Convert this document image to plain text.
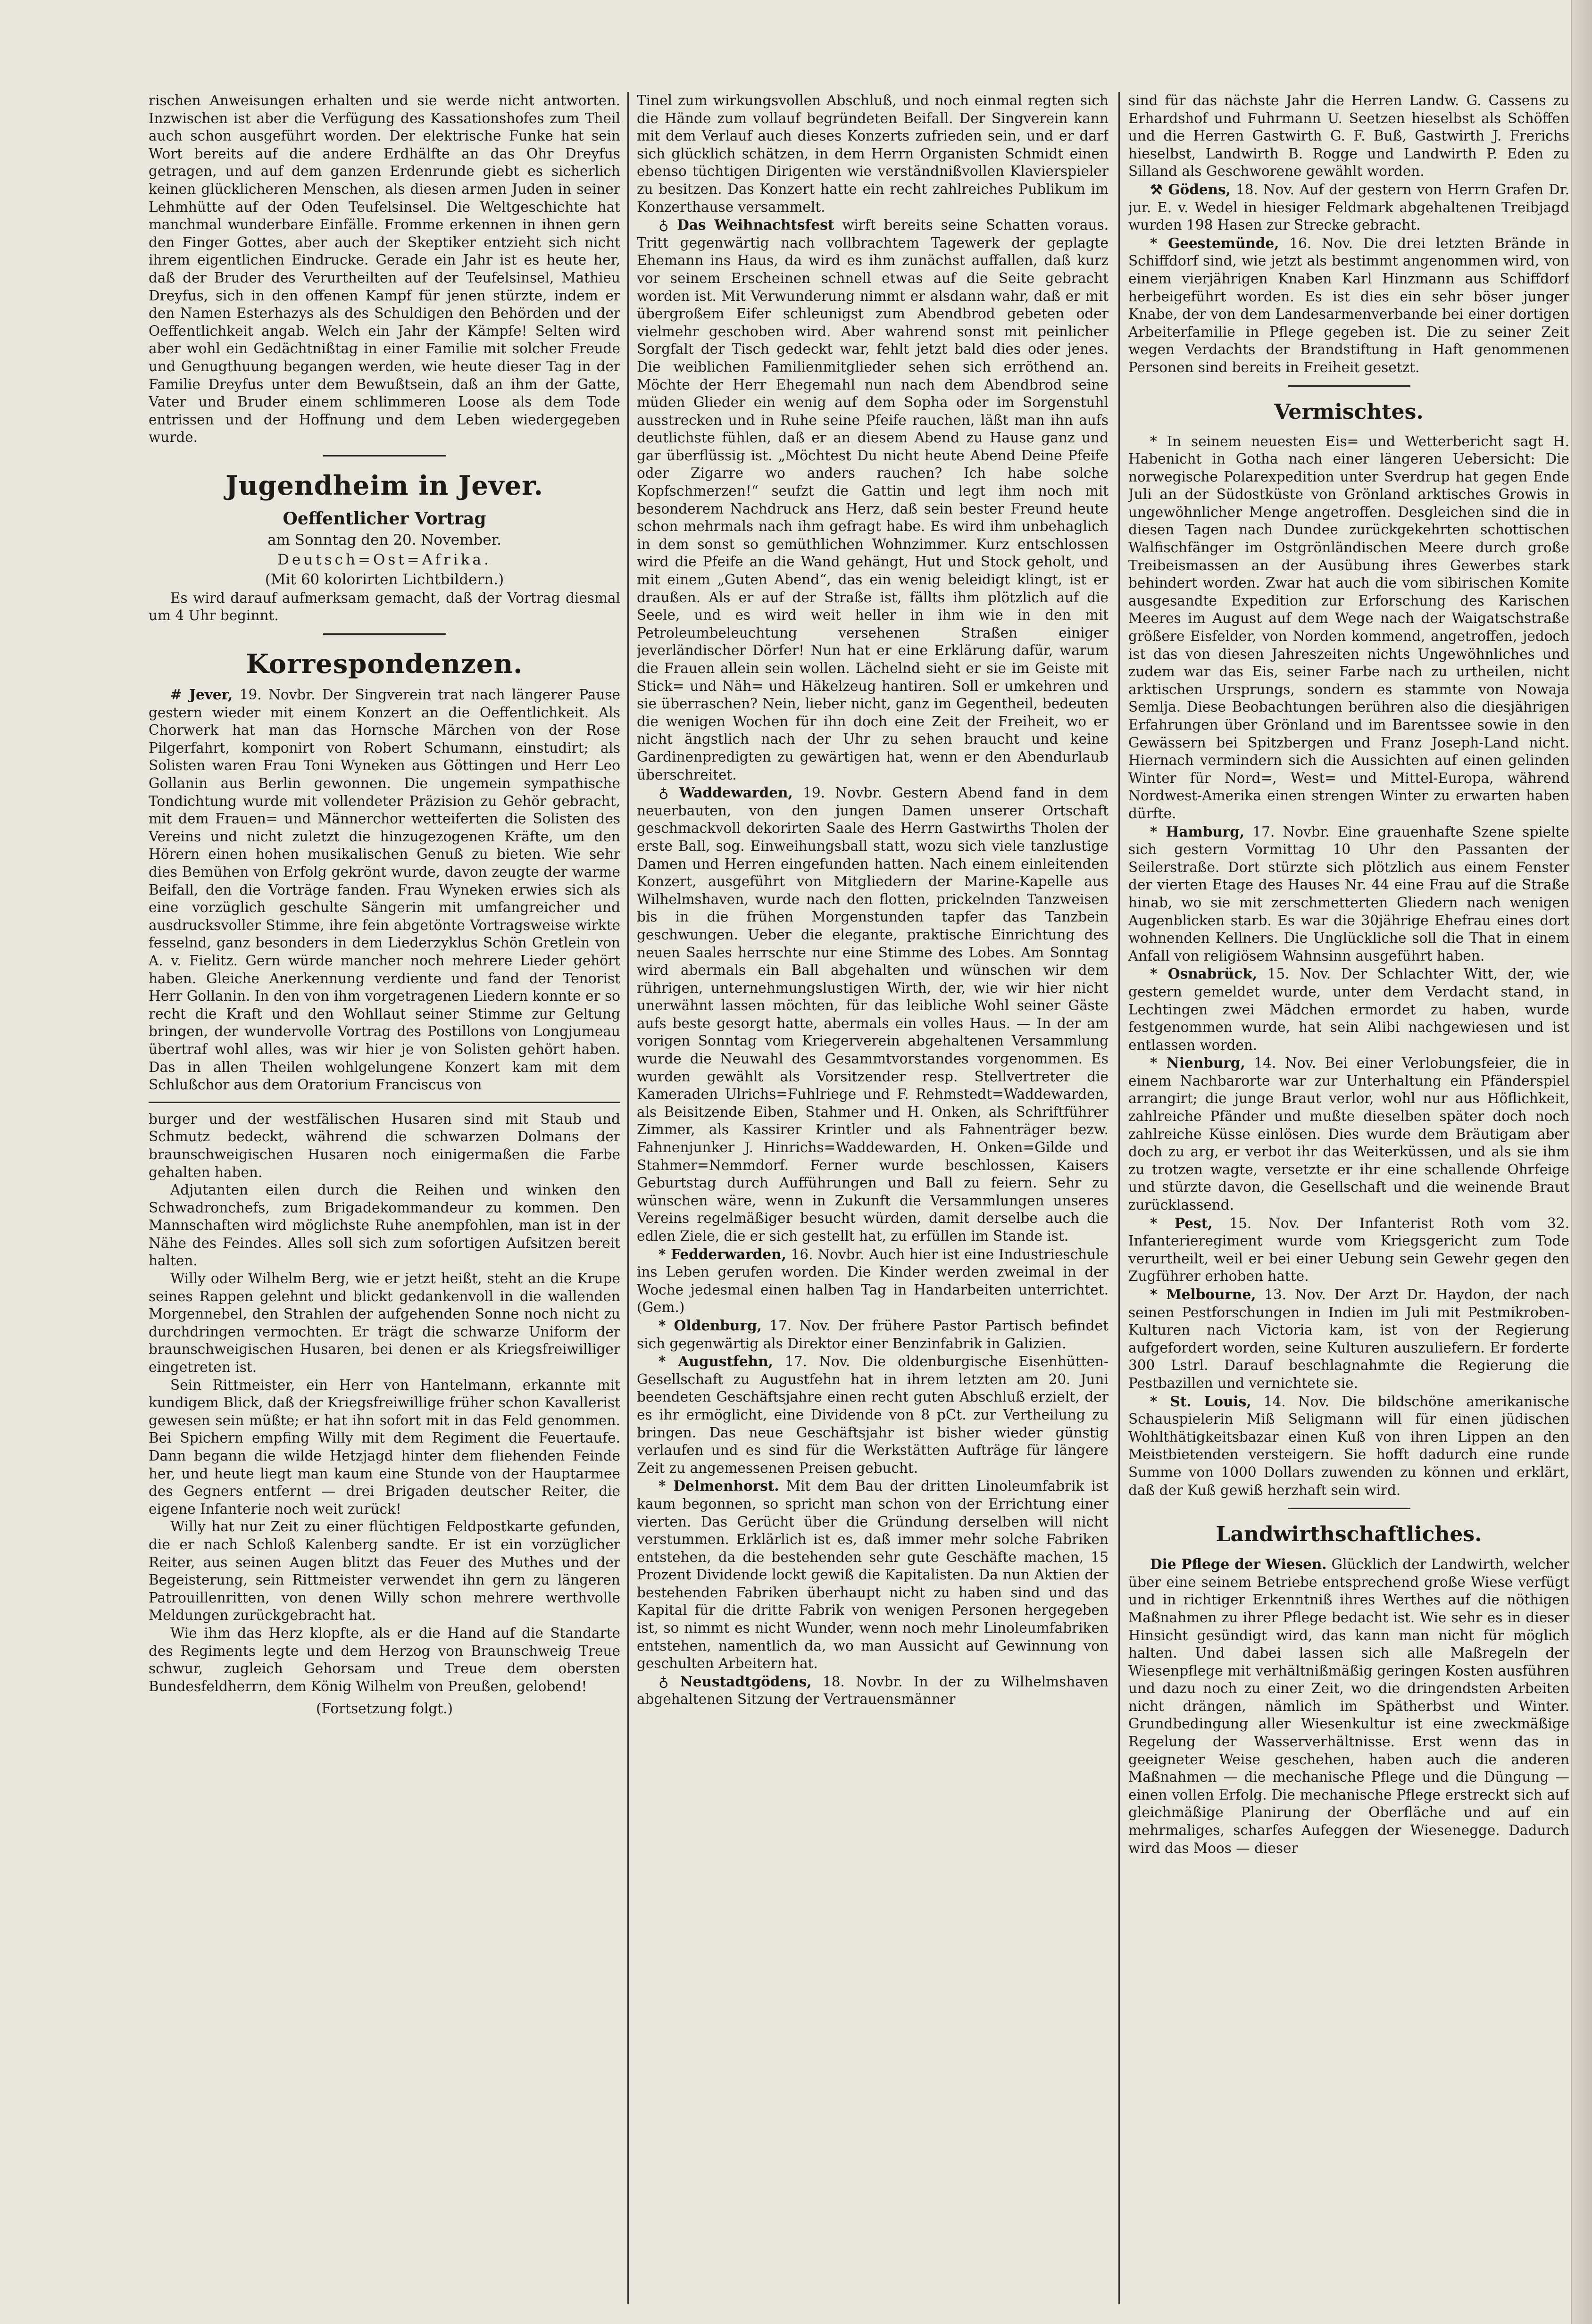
rischen Anweisungen erhalten und sie werde nicht antworten. Inzwischen ist aber die Verfügung des Kassationshofes zum Theil auch schon ausgeführt worden. Der elektrische Funke hat sein Wort bereits auf die andere Erdhälfte an das Ohr Dreyfus getragen, und auf dem ganzen Erdenrunde giebt es sicherlich keinen glücklicheren Menschen, als diesen armen Juden in seiner Lehmhütte auf der Oden Teufelsinsel. Die Weltgeschichte hat manchmal wunderbare Einfälle. Fromme erkennen in ihnen gern den Finger Gottes, aber auch der Skeptiker entzieht sich nicht ihrem eigentlichen Eindrucke. Gerade ein Jahr ist es heute her, daß der Bruder des Verurtheilten auf der Teufelsinsel, Mathieu Dreyfus, sich in den offenen Kampf für jenen stürzte, indem er den Namen Esterhazys als des Schuldigen den Behörden und der Oeffentlichkeit angab. Welch ein Jahr der Kämpfe! Selten wird aber wohl ein Gedächtnißtag in einer Familie mit solcher Freude und Genugthuung begangen werden, wie heute dieser Tag in der Familie Dreyfus unter dem Bewußtsein, daß an ihm der Gatte, Vater und Bruder einem schlimmeren Loose als dem Tode entrissen und der Hoffnung und dem Leben wiedergegeben wurde.

Jugendheim in Jever.
Oeffentlicher Vortrag

am Sonntag den 20. November.

Deutsch=Ost=Afrika.

(Mit 60 kolorirten Lichtbildern.)

Es wird darauf aufmerksam gemacht, daß der Vortrag diesmal um 4 Uhr beginnt.

Korrespondenzen.

# Jever, 19. Novbr. Der Singverein trat nach längerer Pause gestern wieder mit einem Konzert an die Oeffentlichkeit. Als Chorwerk hat man das Hornsche Märchen von der Rose Pilgerfahrt, komponirt von Robert Schumann, einstudirt; als Solisten waren Frau Toni Wyneken aus Göttingen und Herr Leo Gollanin aus Berlin gewonnen. Die ungemein sympathische Tondichtung wurde mit vollendeter Präzision zu Gehör gebracht, mit dem Frauen= und Männerchor wetteiferten die Solisten des Vereins und nicht zuletzt die hinzugezogenen Kräfte, um den Hörern einen hohen musikalischen Genuß zu bieten. Wie sehr dies Bemühen von Erfolg gekrönt wurde, davon zeugte der warme Beifall, den die Vorträge fanden. Frau Wyneken erwies sich als eine vorzüglich geschulte Sängerin mit umfangreicher und ausdrucksvoller Stimme, ihre fein abgetönte Vortragsweise wirkte fesselnd, ganz besonders in dem Liederzyklus Schön Gretlein von A. v. Fielitz. Gern würde mancher noch mehrere Lieder gehört haben. Gleiche Anerkennung verdiente und fand der Tenorist Herr Gollanin. In den von ihm vorgetragenen Liedern konnte er so recht die Kraft und den Wohllaut seiner Stimme zur Geltung bringen, der wundervolle Vortrag des Postillons von Longjumeau übertraf wohl alles, was wir hier je von Solisten gehört haben. Das in allen Theilen wohlgelungene Konzert kam mit dem Schlußchor aus dem Oratorium Franciscus von

burger und der westfälischen Husaren sind mit Staub und Schmutz bedeckt, während die schwarzen Dolmans der braunschweigischen Husaren noch einigermaßen die Farbe gehalten haben.

Adjutanten eilen durch die Reihen und winken den Schwadronchefs, zum Brigadekommandeur zu kommen. Den Mannschaften wird möglichste Ruhe anempfohlen, man ist in der Nähe des Feindes. Alles soll sich zum sofortigen Aufsitzen bereit halten.

Willy oder Wilhelm Berg, wie er jetzt heißt, steht an die Krupe seines Rappen gelehnt und blickt gedankenvoll in die wallenden Morgennebel, den Strahlen der aufgehenden Sonne noch nicht zu durchdringen vermochten. Er trägt die schwarze Uniform der braunschweigischen Husaren, bei denen er als Kriegsfreiwilliger eingetreten ist.

Sein Rittmeister, ein Herr von Hantelmann, erkannte mit kundigem Blick, daß der Kriegsfreiwillige früher schon Kavallerist gewesen sein müßte; er hat ihn sofort mit in das Feld genommen. Bei Spichern empfing Willy mit dem Regiment die Feuertaufe. Dann begann die wilde Hetzjagd hinter dem fliehenden Feinde her, und heute liegt man kaum eine Stunde von der Hauptarmee des Gegners entfernt — drei Brigaden deutscher Reiter, die eigene Infanterie noch weit zurück!

Willy hat nur Zeit zu einer flüchtigen Feldpostkarte gefunden, die er nach Schloß Kalenberg sandte. Er ist ein vorzüglicher Reiter, aus seinen Augen blitzt das Feuer des Muthes und der Begeisterung, sein Rittmeister verwendet ihn gern zu längeren Patrouillenritten, von denen Willy schon mehrere werthvolle Meldungen zurückgebracht hat.

Wie ihm das Herz klopfte, als er die Hand auf die Standarte des Regiments legte und dem Herzog von Braunschweig Treue schwur, zugleich Gehorsam und Treue dem obersten Bundesfeldherrn, dem König Wilhelm von Preußen, gelobend!

(Fortsetzung folgt.)

Tinel zum wirkungsvollen Abschluß, und noch einmal regten sich die Hände zum vollauf begründeten Beifall. Der Singverein kann mit dem Verlauf auch dieses Konzerts zufrieden sein, und er darf sich glücklich schätzen, in dem Herrn Organisten Schmidt einen ebenso tüchtigen Dirigenten wie verständnißvollen Klavierspieler zu besitzen. Das Konzert hatte ein recht zahlreiches Publikum im Konzerthause versammelt.

♁ Das Weihnachtsfest wirft bereits seine Schatten voraus. Tritt gegenwärtig nach vollbrachtem Tagewerk der geplagte Ehemann ins Haus, da wird es ihm zunächst auffallen, daß kurz vor seinem Erscheinen schnell etwas auf die Seite gebracht worden ist. Mit Verwunderung nimmt er alsdann wahr, daß er mit übergroßem Eifer schleunigst zum Abendbrod gebeten oder vielmehr geschoben wird. Aber wahrend sonst mit peinlicher Sorgfalt der Tisch gedeckt war, fehlt jetzt bald dies oder jenes. Die weiblichen Familienmitglieder sehen sich erröthend an. Möchte der Herr Ehegemahl nun nach dem Abendbrod seine müden Glieder ein wenig auf dem Sopha oder im Sorgenstuhl ausstrecken und in Ruhe seine Pfeife rauchen, läßt man ihn aufs deutlichste fühlen, daß er an diesem Abend zu Hause ganz und gar überflüssig ist. „Möchtest Du nicht heute Abend Deine Pfeife oder Zigarre wo anders rauchen? Ich habe solche Kopfschmerzen!“ seufzt die Gattin und legt ihm noch mit besonderem Nachdruck ans Herz, daß sein bester Freund heute schon mehrmals nach ihm gefragt habe. Es wird ihm unbehaglich in dem sonst so gemüthlichen Wohnzimmer. Kurz entschlossen wird die Pfeife an die Wand gehängt, Hut und Stock geholt, und mit einem „Guten Abend“, das ein wenig beleidigt klingt, ist er draußen. Als er auf der Straße ist, fällts ihm plötzlich auf die Seele, und es wird weit heller in ihm wie in den mit Petroleumbeleuchtung versehenen Straßen einiger jeverländischer Dörfer! Nun hat er eine Erklärung dafür, warum die Frauen allein sein wollen. Lächelnd sieht er sie im Geiste mit Stick= und Näh= und Häkelzeug hantiren. Soll er umkehren und sie überraschen? Nein, lieber nicht, ganz im Gegentheil, bedeuten die wenigen Wochen für ihn doch eine Zeit der Freiheit, wo er nicht ängstlich nach der Uhr zu sehen braucht und keine Gardinenpredigten zu gewärtigen hat, wenn er den Abendurlaub überschreitet.

♁ Waddewarden, 19. Novbr. Gestern Abend fand in dem neuerbauten, von den jungen Damen unserer Ortschaft geschmackvoll dekorirten Saale des Herrn Gastwirths Tholen der erste Ball, sog. Einweihungsball statt, wozu sich viele tanzlustige Damen und Herren eingefunden hatten. Nach einem einleitenden Konzert, ausgeführt von Mitgliedern der Marine-Kapelle aus Wilhelmshaven, wurde nach den flotten, prickelnden Tanzweisen bis in die frühen Morgenstunden tapfer das Tanzbein geschwungen. Ueber die elegante, praktische Einrichtung des neuen Saales herrschte nur eine Stimme des Lobes. Am Sonntag wird abermals ein Ball abgehalten und wünschen wir dem rührigen, unternehmungslustigen Wirth, der, wie wir hier nicht unerwähnt lassen möchten, für das leibliche Wohl seiner Gäste aufs beste gesorgt hatte, abermals ein volles Haus. — In der am vorigen Sonntag vom Kriegerverein abgehaltenen Versammlung wurde die Neuwahl des Gesammtvorstandes vorgenommen. Es wurden gewählt als Vorsitzender resp. Stellvertreter die Kameraden Ulrichs=Fuhlriege und F. Rehmstedt=Waddewarden, als Beisitzende Eiben, Stahmer und H. Onken, als Schriftführer Zimmer, als Kassirer Krintler und als Fahnenträger bezw. Fahnenjunker J. Hinrichs=Waddewarden, H. Onken=Gilde und Stahmer=Nemmdorf. Ferner wurde beschlossen, Kaisers Geburtstag durch Aufführungen und Ball zu feiern. Sehr zu wünschen wäre, wenn in Zukunft die Versammlungen unseres Vereins regelmäßiger besucht würden, damit derselbe auch die edlen Ziele, die er sich gestellt hat, zu erfüllen im Stande ist.

* Fedderwarden, 16. Novbr. Auch hier ist eine Industrieschule ins Leben gerufen worden. Die Kinder werden zweimal in der Woche jedesmal einen halben Tag in Handarbeiten unterrichtet. (Gem.)

* Oldenburg, 17. Nov. Der frühere Pastor Partisch befindet sich gegenwärtig als Direktor einer Benzinfabrik in Galizien.

* Augustfehn, 17. Nov. Die oldenburgische Eisenhütten-Gesellschaft zu Augustfehn hat in ihrem letzten am 20. Juni beendeten Geschäftsjahre einen recht guten Abschluß erzielt, der es ihr ermöglicht, eine Dividende von 8 pCt. zur Vertheilung zu bringen. Das neue Geschäftsjahr ist bisher wieder günstig verlaufen und es sind für die Werkstätten Aufträge für längere Zeit zu angemessenen Preisen gebucht.

* Delmenhorst. Mit dem Bau der dritten Linoleumfabrik ist kaum begonnen, so spricht man schon von der Errichtung einer vierten. Das Gerücht über die Gründung derselben will nicht verstummen. Erklärlich ist es, daß immer mehr solche Fabriken entstehen, da die bestehenden sehr gute Geschäfte machen, 15 Prozent Dividende lockt gewiß die Kapitalisten. Da nun Aktien der bestehenden Fabriken überhaupt nicht zu haben sind und das Kapital für die dritte Fabrik von wenigen Personen hergegeben ist, so nimmt es nicht Wunder, wenn noch mehr Linoleumfabriken entstehen, namentlich da, wo man Aussicht auf Gewinnung von geschulten Arbeitern hat.

♁ Neustadtgödens, 18. Novbr. In der zu Wilhelmshaven abgehaltenen Sitzung der Vertrauensmänner

sind für das nächste Jahr die Herren Landw. G. Cassens zu Erhardshof und Fuhrmann U. Seetzen hieselbst als Schöffen und die Herren Gastwirth G. F. Buß, Gastwirth J. Frerichs hieselbst, Landwirth B. Rogge und Landwirth P. Eden zu Silland als Geschworene gewählt worden.

⚒ Gödens, 18. Nov. Auf der gestern von Herrn Grafen Dr. jur. E. v. Wedel in hiesiger Feldmark abgehaltenen Treibjagd wurden 198 Hasen zur Strecke gebracht.

* Geestemünde, 16. Nov. Die drei letzten Brände in Schiffdorf sind, wie jetzt als bestimmt angenommen wird, von einem vierjährigen Knaben Karl Hinzmann aus Schiffdorf herbeigeführt worden. Es ist dies ein sehr böser junger Knabe, der von dem Landesarmenverbande bei einer dortigen Arbeiterfamilie in Pflege gegeben ist. Die zu seiner Zeit wegen Verdachts der Brandstiftung in Haft genommenen Personen sind bereits in Freiheit gesetzt.

Vermischtes.

* In seinem neuesten Eis= und Wetterbericht sagt H. Habenicht in Gotha nach einer längeren Uebersicht: Die norwegische Polarexpedition unter Sverdrup hat gegen Ende Juli an der Südostküste von Grönland arktisches Growis in ungewöhnlicher Menge angetroffen. Desgleichen sind die in diesen Tagen nach Dundee zurückgekehrten schottischen Walfischfänger im Ostgrönländischen Meere durch große Treibeismassen an der Ausübung ihres Gewerbes stark behindert worden. Zwar hat auch die vom sibirischen Komite ausgesandte Expedition zur Erforschung des Karischen Meeres im August auf dem Wege nach der Waigatschstraße größere Eisfelder, von Norden kommend, angetroffen, jedoch ist das von diesen Jahreszeiten nichts Ungewöhnliches und zudem war das Eis, seiner Farbe nach zu urtheilen, nicht arktischen Ursprungs, sondern es stammte von Nowaja Semlja. Diese Beobachtungen berühren also die diesjährigen Erfahrungen über Grönland und im Barentssee sowie in den Gewässern bei Spitzbergen und Franz Joseph-Land nicht. Hiernach vermindern sich die Aussichten auf einen gelinden Winter für Nord=, West= und Mittel-Europa, während Nordwest-Amerika einen strengen Winter zu erwarten haben dürfte.

* Hamburg, 17. Novbr. Eine grauenhafte Szene spielte sich gestern Vormittag 10 Uhr den Passanten der Seilerstraße. Dort stürzte sich plötzlich aus einem Fenster der vierten Etage des Hauses Nr. 44 eine Frau auf die Straße hinab, wo sie mit zerschmetterten Gliedern nach wenigen Augenblicken starb. Es war die 30jährige Ehefrau eines dort wohnenden Kellners. Die Unglückliche soll die That in einem Anfall von religiösem Wahnsinn ausgeführt haben.

* Osnabrück, 15. Nov. Der Schlachter Witt, der, wie gestern gemeldet wurde, unter dem Verdacht stand, in Lechtingen zwei Mädchen ermordet zu haben, wurde festgenommen wurde, hat sein Alibi nachgewiesen und ist entlassen worden.

* Nienburg, 14. Nov. Bei einer Verlobungsfeier, die in einem Nachbarorte war zur Unterhaltung ein Pfänderspiel arrangirt; die junge Braut verlor, wohl nur aus Höflichkeit, zahlreiche Pfänder und mußte dieselben später doch noch zahlreiche Küsse einlösen. Dies wurde dem Bräutigam aber doch zu arg, er verbot ihr das Weiterküssen, und als sie ihm zu trotzen wagte, versetzte er ihr eine schallende Ohrfeige und stürzte davon, die Gesellschaft und die weinende Braut zurücklassend.

* Pest, 15. Nov. Der Infanterist Roth vom 32. Infanterieregiment wurde vom Kriegsgericht zum Tode verurtheilt, weil er bei einer Uebung sein Gewehr gegen den Zugführer erhoben hatte.

* Melbourne, 13. Nov. Der Arzt Dr. Haydon, der nach seinen Pestforschungen in Indien im Juli mit Pestmikroben-Kulturen nach Victoria kam, ist von der Regierung aufgefordert worden, seine Kulturen auszuliefern. Er forderte 300 Lstrl. Darauf beschlagnahmte die Regierung die Pestbazillen und vernichtete sie.

* St. Louis, 14. Nov. Die bildschöne amerikanische Schauspielerin Miß Seligmann will für einen jüdischen Wohlthätigkeitsbazar einen Kuß von ihren Lippen an den Meistbietenden versteigern. Sie hofft dadurch eine runde Summe von 1000 Dollars zuwenden zu können und erklärt, daß der Kuß gewiß herzhaft sein wird.

Landwirthschaftliches.

Die Pflege der Wiesen. Glücklich der Landwirth, welcher über eine seinem Betriebe entsprechend große Wiese verfügt und in richtiger Erkenntniß ihres Werthes auf die nöthigen Maßnahmen zu ihrer Pflege bedacht ist. Wie sehr es in dieser Hinsicht gesündigt wird, das kann man nicht für möglich halten. Und dabei lassen sich alle Maßregeln der Wiesenpflege mit verhältnißmäßig geringen Kosten ausführen und dazu noch zu einer Zeit, wo die dringendsten Arbeiten nicht drängen, nämlich im Spätherbst und Winter. Grundbedingung aller Wiesenkultur ist eine zweckmäßige Regelung der Wasserverhältnisse. Erst wenn das in geeigneter Weise geschehen, haben auch die anderen Maßnahmen — die mechanische Pflege und die Düngung — einen vollen Erfolg. Die mechanische Pflege erstreckt sich auf gleichmäßige Planirung der Oberfläche und auf ein mehrmaliges, scharfes Aufeggen der Wiesenegge. Dadurch wird das Moos — dieser
